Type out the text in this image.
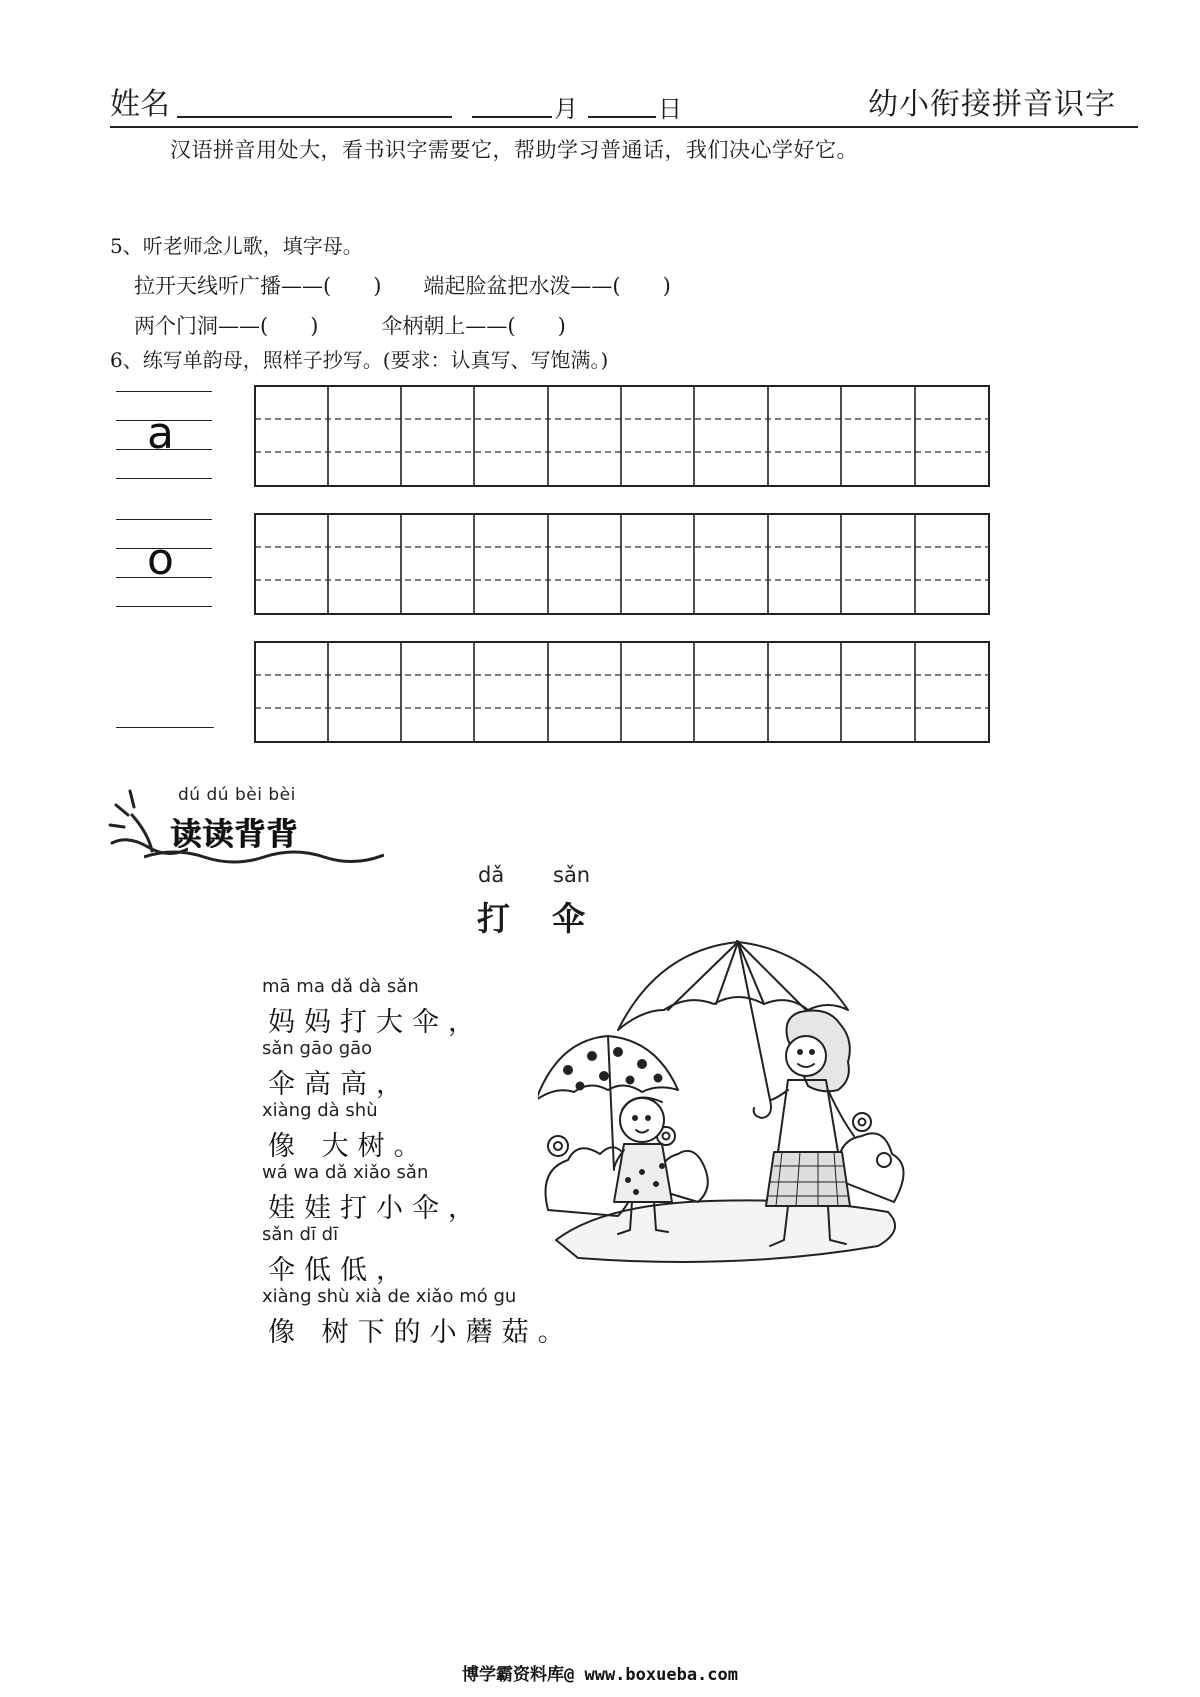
姓名	月	日	幼小衔接拼音识字
汉语拼音用处大，看书识字需要它，帮助学习普通话，我们决心学好它。
5、听老师念儿歌，填字母。
拉开天线听广播——(　　)　　端起脸盆把水泼——(　　)
两个门洞——(　　)　　　伞柄朝上——(　　)
6、练写单韵母，照样子抄写。(要求：认真写、写饱满。)
a
o
dú dú bèi bèi
读读背背
dǎ sǎn
打 伞
mā ma dǎ dà sǎn
妈妈打大伞，
sǎn gāo gāo
伞高高，
xiàng dà shù
像 大树。
wá wa dǎ xiǎo sǎn
娃娃打小伞，
sǎn dī dī
伞低低，
xiàng shù xià de xiǎo mó gu
像 树下的小蘑菇。
博学霸资料库@ www.boxueba.com
